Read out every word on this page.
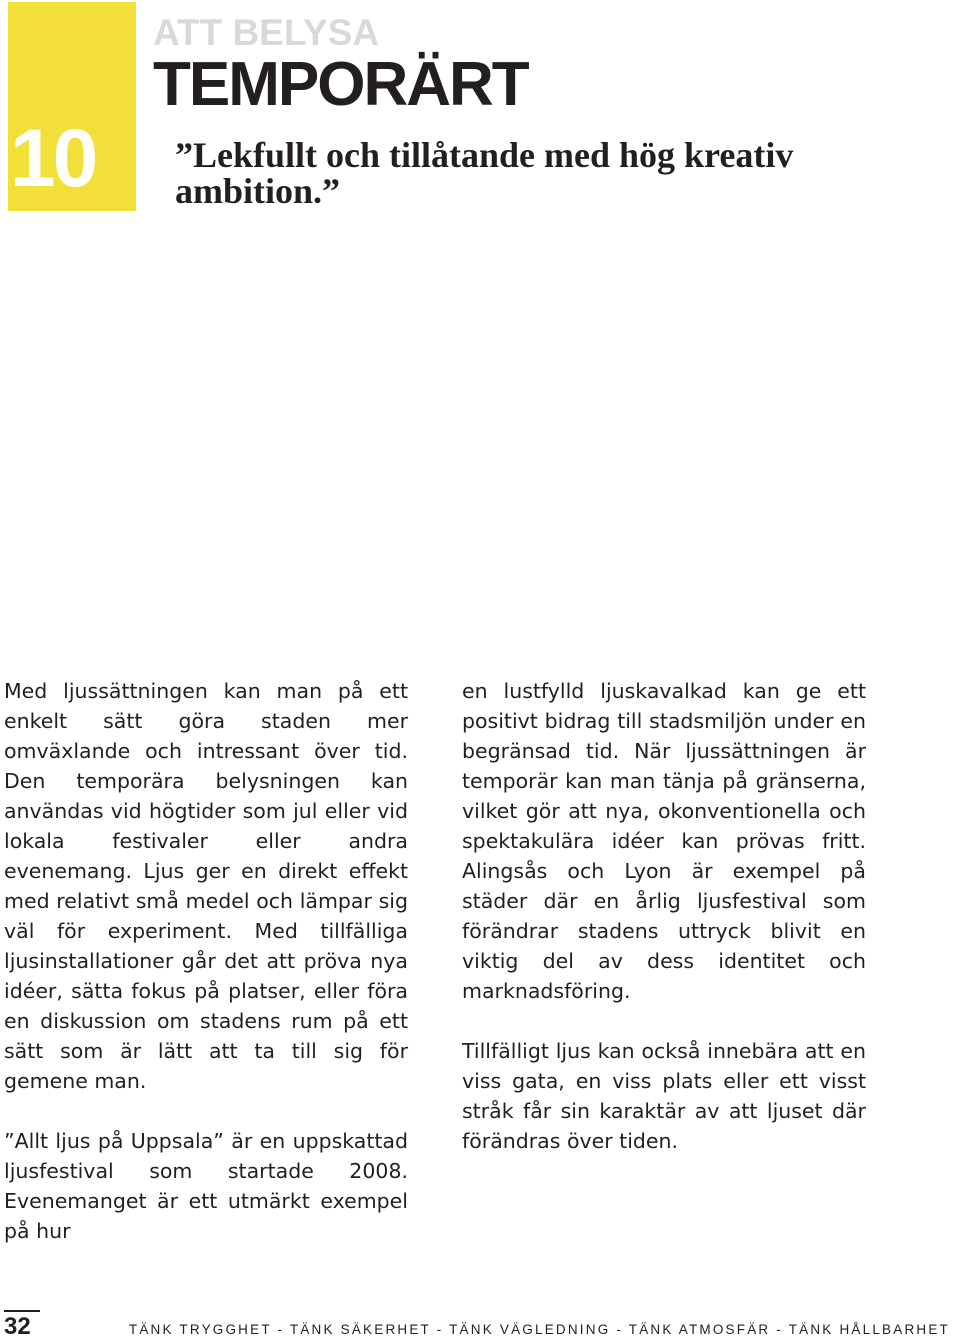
10
ATT BELYSA
TEMPORÄRT

”Lekfullt och tillåtande med hög kreativ ambition.”

Med ljussättningen kan man på ett enkelt sätt göra staden mer omväxlande och intressant över tid. Den temporära belysningen kan användas vid högtider som jul eller vid lokala festivaler eller andra evenemang. Ljus ger en direkt effekt med relativt små medel och lämpar sig väl för experiment. Med tillfälliga ljusinstallationer går det att pröva nya idéer, sätta fokus på platser, eller föra en diskussion om stadens rum på ett sätt som är lätt att ta till sig för gemene man.

”Allt ljus på Uppsala” är en uppskattad ljusfestival som startade 2008. Evenemanget är ett utmärkt exempel på hur

en lustfylld ljuskavalkad kan ge ett positivt bidrag till stadsmiljön under en begränsad tid. När ljussättningen är temporär kan man tänja på gränserna, vilket gör att nya, okonventionella och spektakulära idéer kan prövas fritt. Alingsås och Lyon är exempel på städer där en årlig ljusfestival som förändrar stadens uttryck blivit en viktig del av dess identitet och marknadsföring.

Tillfälligt ljus kan också innebära att en viss gata, en viss plats eller ett visst stråk får sin karaktär av att ljuset där förändras över tiden.

32	TÄNK TRYGGHET - TÄNK SÄKERHET - TÄNK VÄGLEDNING - TÄNK ATMOSFÄR - TÄNK HÅLLBARHET
